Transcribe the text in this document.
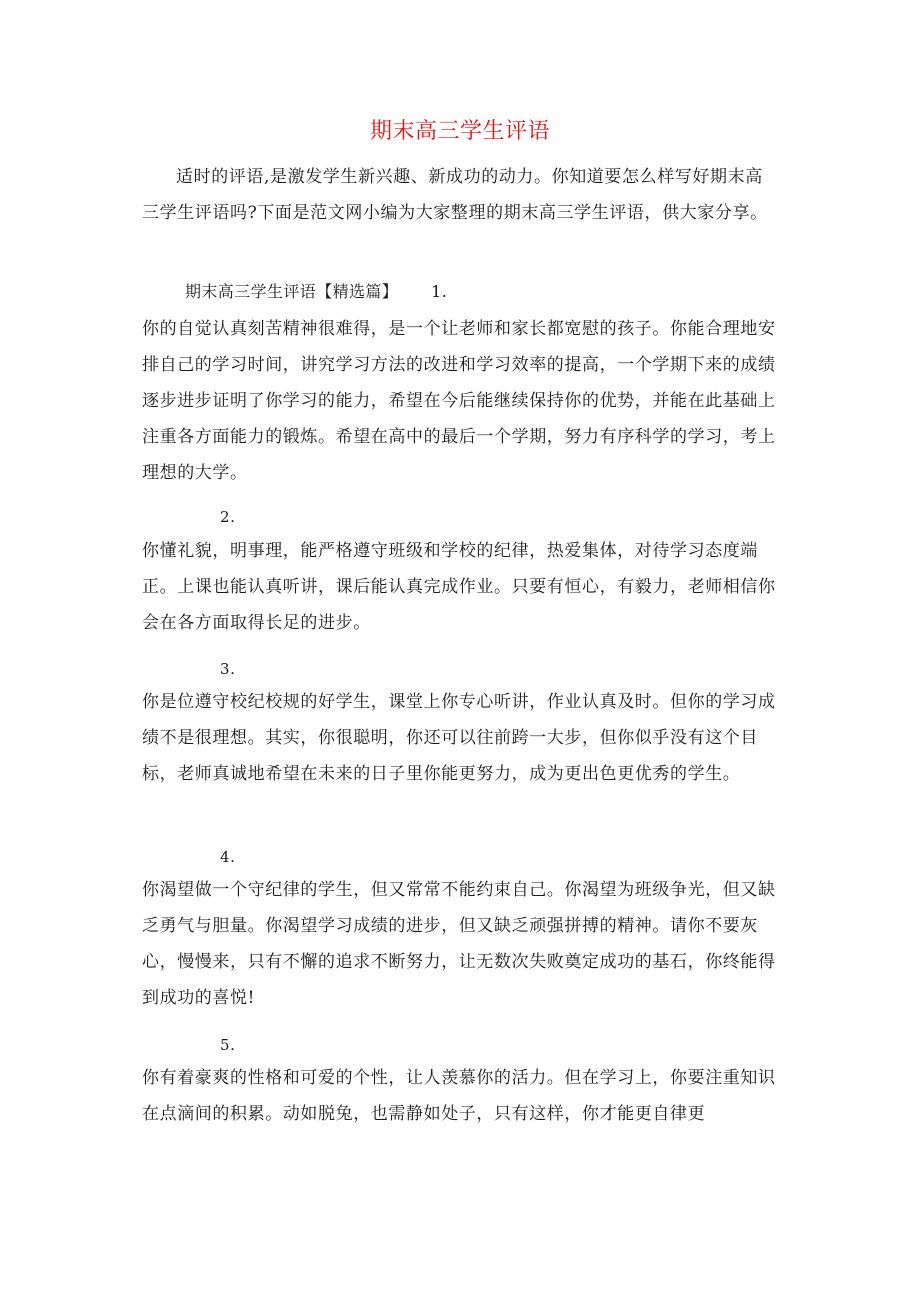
期末高三学生评语

适时的评语,是激发学生新兴趣、新成功的动力。你知道要怎么样写好期末高三学生评语吗?下面是范文网小编为大家整理的期末高三学生评语，供大家分享。

期末高三学生评语【精选篇】      1.

你的自觉认真刻苦精神很难得，是一个让老师和家长都宽慰的孩子。你能合理地安排自己的学习时间，讲究学习方法的改进和学习效率的提高，一个学期下来的成绩逐步进步证明了你学习的能力，希望在今后能继续保持你的优势，并能在此基础上注重各方面能力的锻炼。希望在高中的最后一个学期，努力有序科学的学习，考上理想的大学。

2.

你懂礼貌，明事理，能严格遵守班级和学校的纪律，热爱集体，对待学习态度端正。上课也能认真听讲，课后能认真完成作业。只要有恒心，有毅力，老师相信你会在各方面取得长足的进步。

3.

你是位遵守校纪校规的好学生，课堂上你专心听讲，作业认真及时。但你的学习成绩不是很理想。其实，你很聪明，你还可以往前跨一大步，但你似乎没有这个目标，老师真诚地希望在未来的日子里你能更努力，成为更出色更优秀的学生。

4.

你渴望做一个守纪律的学生，但又常常不能约束自己。你渴望为班级争光，但又缺乏勇气与胆量。你渴望学习成绩的进步，但又缺乏顽强拼搏的精神。请你不要灰心，慢慢来，只有不懈的追求不断努力，让无数次失败奠定成功的基石，你终能得到成功的喜悦!

5.

你有着豪爽的性格和可爱的个性，让人羡慕你的活力。但在学习上，你要注重知识在点滴间的积累。动如脱兔，也需静如处子，只有这样，你才能更自律更
